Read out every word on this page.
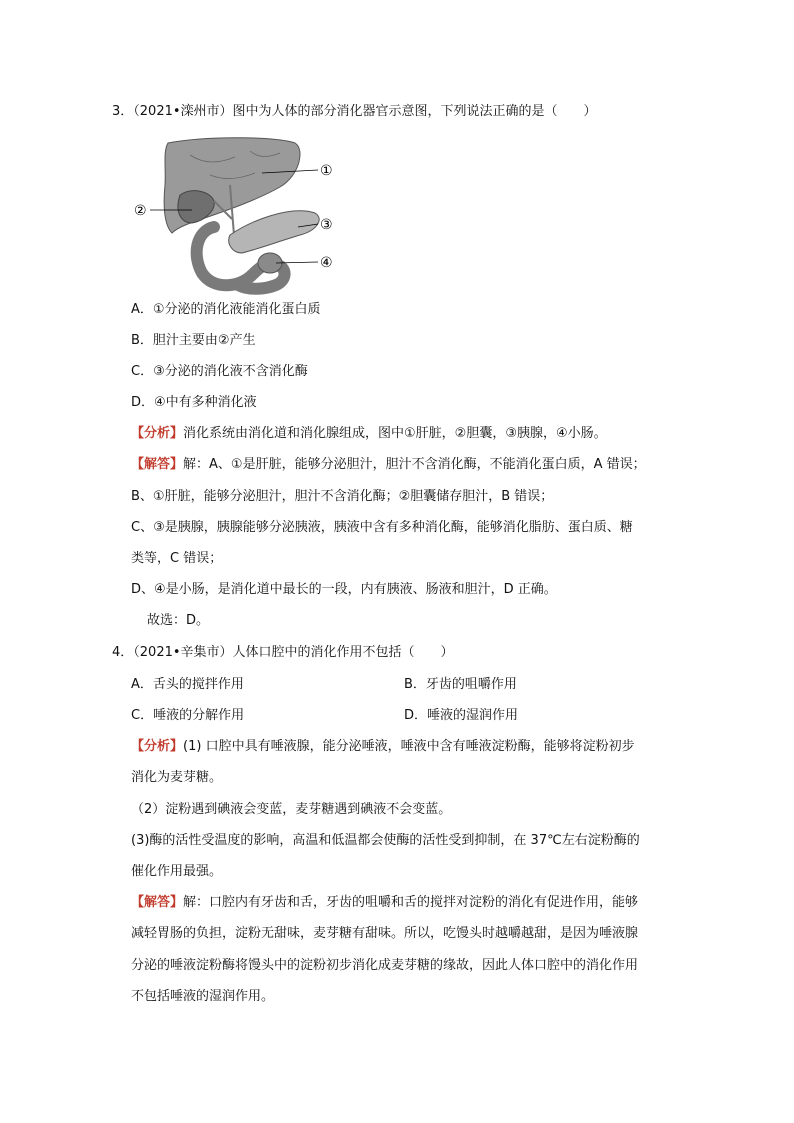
3．（2021•滦州市）图中为人体的部分消化器官示意图，下列说法正确的是（　　）
①
②
③
④
A．①分泌的消化液能消化蛋白质
B．胆汁主要由②产生
C．③分泌的消化液不含消化酶
D．④中有多种消化液
【分析】消化系统由消化道和消化腺组成，图中①肝脏，②胆囊，③胰腺，④小肠。
【解答】解：A、①是肝脏，能够分泌胆汁，胆汁不含消化酶，不能消化蛋白质，A 错误；
B、①肝脏，能够分泌胆汁，胆汁不含消化酶；②胆囊储存胆汁，B 错误；
C、③是胰腺，胰腺能够分泌胰液，胰液中含有多种消化酶，能够消化脂肪、蛋白质、糖
类等，C 错误；
D、④是小肠，是消化道中最长的一段，内有胰液、肠液和胆汁，D 正确。
故选：D。
4．（2021•辛集市）人体口腔中的消化作用不包括（　　）
A．舌头的搅拌作用	B．牙齿的咀嚼作用
C．唾液的分解作用	D．唾液的湿润作用
【分析】(1) 口腔中具有唾液腺，能分泌唾液，唾液中含有唾液淀粉酶，能够将淀粉初步
消化为麦芽糖。
（2）淀粉遇到碘液会变蓝，麦芽糖遇到碘液不会变蓝。
(3)酶的活性受温度的影响，高温和低温都会使酶的活性受到抑制，在 37℃左右淀粉酶的
催化作用最强。
【解答】解：口腔内有牙齿和舌，牙齿的咀嚼和舌的搅拌对淀粉的消化有促进作用，能够
减轻胃肠的负担，淀粉无甜味，麦芽糖有甜味。所以，吃馒头时越嚼越甜，是因为唾液腺
分泌的唾液淀粉酶将馒头中的淀粉初步消化成麦芽糖的缘故，因此人体口腔中的消化作用
不包括唾液的湿润作用。
